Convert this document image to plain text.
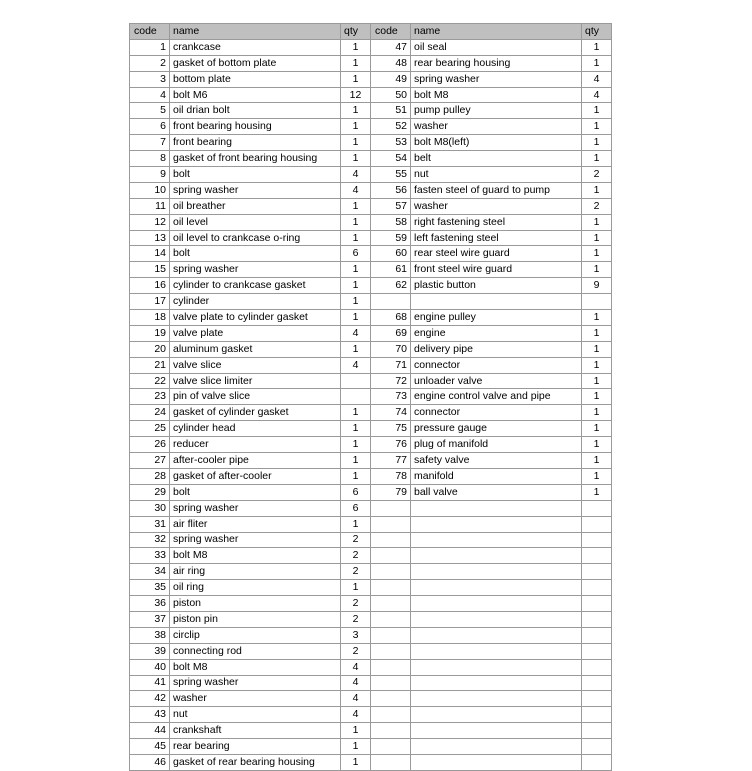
code	name	qty	code	name	qty
1	crankcase	1	47	oil seal	1
2	gasket of bottom plate	1	48	rear bearing housing	1
3	bottom plate	1	49	spring washer	4
4	bolt M6	12	50	bolt M8	4
5	oil drian bolt	1	51	pump pulley	1
6	front bearing housing	1	52	washer	1
7	front bearing	1	53	bolt M8(left)	1
8	gasket of front bearing housing	1	54	belt	1
9	bolt	4	55	nut	2
10	spring washer	4	56	fasten steel of guard to pump	1
11	oil breather	1	57	washer	2
12	oil level	1	58	right fastening steel	1
13	oil level to crankcase o-ring	1	59	left fastening steel	1
14	bolt	6	60	rear steel wire guard	1
15	spring washer	1	61	front steel wire guard	1
16	cylinder to crankcase gasket	1	62	plastic button	9
17	cylinder	1			
18	valve plate to cylinder gasket	1	68	engine pulley	1
19	valve plate	4	69	engine	1
20	aluminum gasket	1	70	delivery pipe	1
21	valve slice	4	71	connector	1
22	valve slice limiter		72	unloader valve	1
23	pin of valve slice		73	engine control valve and pipe	1
24	gasket of cylinder gasket	1	74	connector	1
25	cylinder head	1	75	pressure gauge	1
26	reducer	1	76	plug of manifold	1
27	after-cooler pipe	1	77	safety valve	1
28	gasket of after-cooler	1	78	manifold	1
29	bolt	6	79	ball valve	1
30	spring washer	6			
31	air fliter	1			
32	spring washer	2			
33	bolt M8	2			
34	air ring	2			
35	oil ring	1			
36	piston	2			
37	piston pin	2			
38	circlip	3			
39	connecting rod	2			
40	bolt M8	4			
41	spring washer	4			
42	washer	4			
43	nut	4			
44	crankshaft	1			
45	rear bearing	1			
46	gasket of rear bearing housing	1			
